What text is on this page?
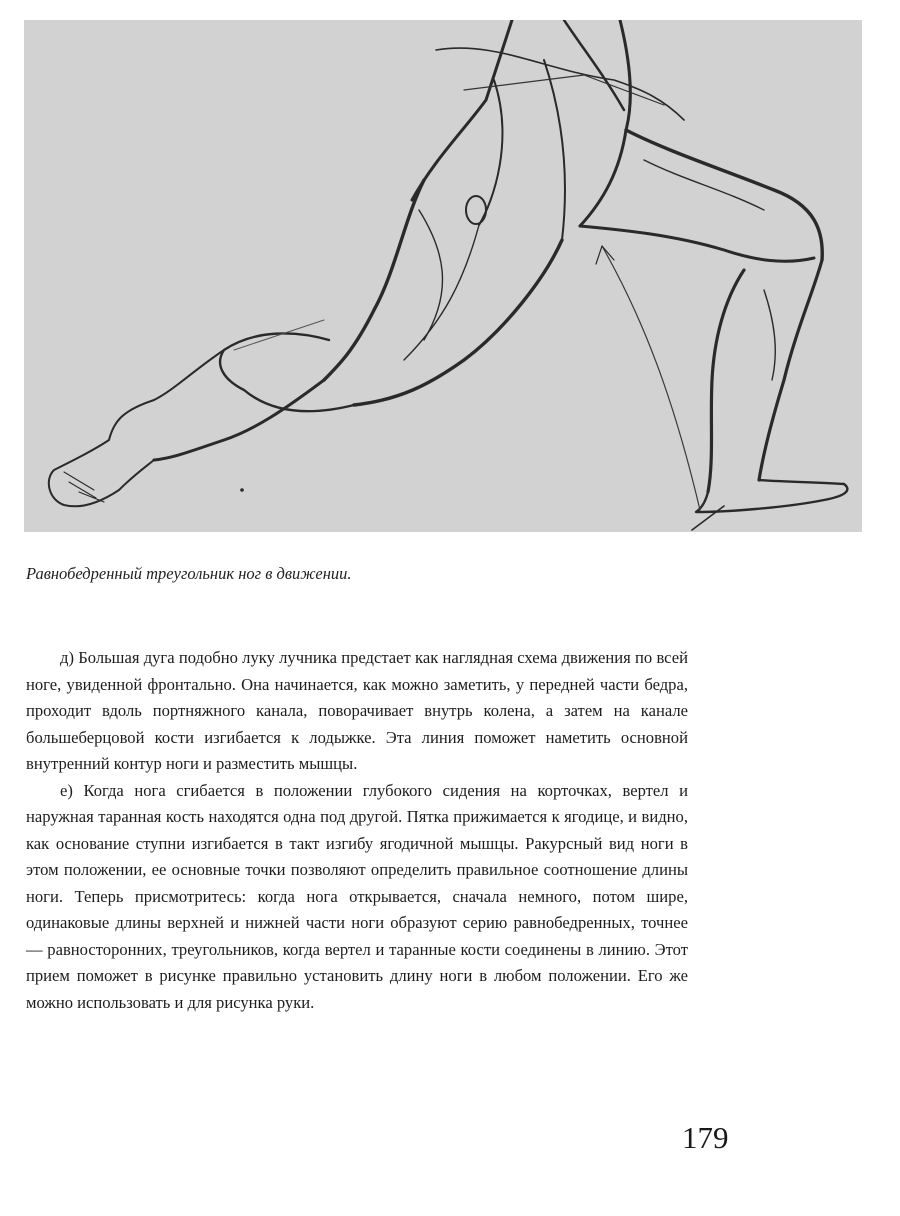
Равнобедренный треугольник ног в движении.

д) Большая дуга подобно луку лучника предстает как наглядная схема движения по всей ноге, увиденной фронтально. Она начинается, как можно заметить, у передней части бедра, проходит вдоль портняжного канала, поворачивает внутрь колена, а затем на канале большеберцовой кости изгибается к лодыжке. Эта линия поможет наметить основной внутренний контур ноги и разместить мышцы.

е) Когда нога сгибается в положении глубокого сидения на корточках, вертел и наружная таранная кость находятся одна под другой. Пятка прижимается к ягодице, и видно, как основание ступни изгибается в такт изгибу ягодичной мышцы. Ракурсный вид ноги в этом положении, ее основные точки позволяют определить правильное соотношение длины ноги. Теперь присмотритесь: когда нога открывается, сначала немного, потом шире, одинаковые длины верхней и нижней части ноги образуют серию равнобедренных, точнее — равносторонних, треугольников, когда вертел и таранные кости соединены в линию. Этот прием поможет в рисунке правильно установить длину ноги в любом положении. Его же можно использовать и для рисунка руки.

179
